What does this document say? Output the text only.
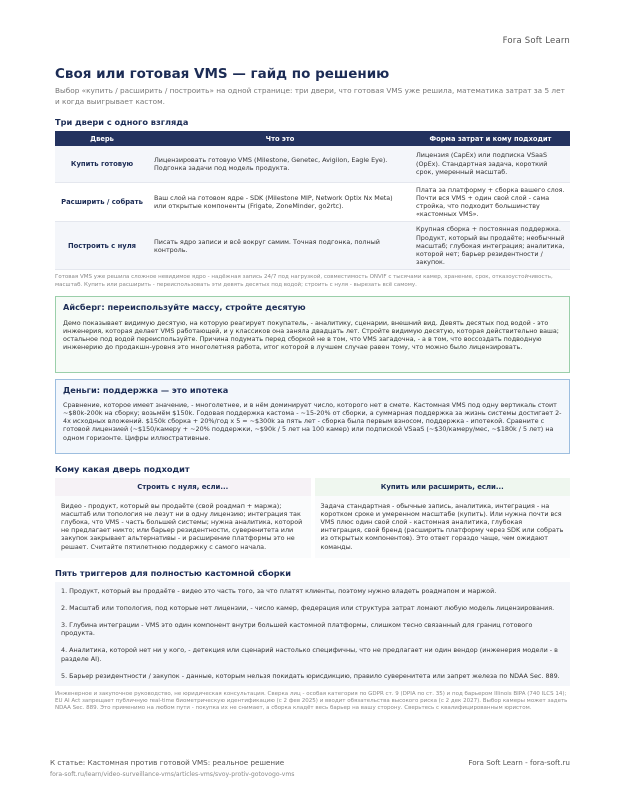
Fora Soft Learn
Своя или готовая VMS — гайд по решению
Выбор «купить / расширить / построить» на одной странице: три двери, что готовая VMS уже решила, математика затрат за 5 лет и когда выигрывает кастом.
Три двери с одного взгляда
Дверь	Что это	Форма затрат и кому подходит
Купить готовую	Лицензировать готовую VMS (Milestone, Genetec, Avigilon, Eagle Eye). Подгонка задачи под модель продукта.	Лицензия (CapEx) или подписка VSaaS (OpEx). Стандартная задача, короткий срок, умеренный масштаб.
Расширить / собрать	Ваш слой на готовом ядре - SDK (Milestone MIP, Network Optix Nx Meta) или открытые компоненты (Frigate, ZoneMinder, go2rtc).	Плата за платформу + сборка вашего слоя. Почти вся VMS + один свой слой - сама стройка, что подходит большинству «кастомных VMS».
Построить с нуля	Писать ядро записи и всё вокруг самим. Точная подгонка, полный контроль.	Крупная сборка + постоянная поддержка. Продукт, который вы продаёте; необычный масштаб; глубокая интеграция; аналитика, которой нет; барьер резидентности / закупок.
Готовая VMS уже решила сложное невидимое ядро - надёжная запись 24/7 под нагрузкой, совместимость ONVIF с тысячами камер, хранение, срок, отказоустойчивость, масштаб. Купить или расширить - переиспользовать эти девять десятых под водой; строить с нуля - вырезать всё самому.
Айсберг: переиспользуйте массу, стройте десятую

Демо показывает видимую десятую, на которую реагирует покупатель, - аналитику, сценарии, внешний вид. Девять десятых под водой - это инженерия, которая делает VMS работающей, и у классиков она заняла двадцать лет. Стройте видимую десятую, которая действительно ваша; остальное под водой переиспользуйте. Причина подумать перед сборкой не в том, что VMS загадочна, - а в том, что воссоздать подводную инженерию до продакшн-уровня это многолетняя работа, итог которой в лучшем случае равен тому, что можно было лицензировать.

Деньги: поддержка — это ипотека

Сравнение, которое имеет значение, - многолетнее, и в нём доминирует число, которого нет в смете. Кастомная VMS под одну вертикаль стоит ~$80k-200k на сборку; возьмём $150k. Годовая поддержка кастома - ~15-20% от сборки, а суммарная поддержка за жизнь системы достигает 2-4x исходных вложений. $150k сборка + 20%/год х 5 = ~$300k за пять лет - сборка была первым взносом, поддержка - ипотекой. Сравните с готовой лицензией (~$150/камеру + ~20% поддержки, ~$90k / 5 лет на 100 камер) или подпиской VSaaS (~$30/камеру/мес, ~$180k / 5 лет) на одном горизонте. Цифры иллюстративные.

Кому какая дверь подходит
Строить с нуля, если...
Видео - продукт, который вы продаёте (свой роадмап + маржа); масштаб или топология не лезут ни в одну лицензию; интеграция так глубока, что VMS - часть большей системы; нужна аналитика, которой не предлагает никто; или барьер резидентности, суверенитета или закупок закрывает альтернативы - и расширение платформы это не решает. Считайте пятилетнюю поддержку с самого начала.
Купить или расширить, если...
Задача стандартная - обычные запись, аналитика, интеграция - на коротком сроке и умеренном масштабе (купить). Или нужна почти вся VMS плюс один свой слой - кастомная аналитика, глубокая интеграция, свой бренд (расширить платформу через SDK или собрать из открытых компонентов). Это ответ гораздо чаще, чем ожидают команды.
Пять триггеров для полностью кастомной сборки
1. Продукт, который вы продаёте - видео это часть того, за что платят клиенты, поэтому нужно владеть роадмапом и маржой.
2. Масштаб или топология, под которые нет лицензии, - число камер, федерация или структура затрат ломают любую модель лицензирования.
3. Глубина интеграции - VMS это один компонент внутри большей кастомной платформы, слишком тесно связанный для границ готового продукта.
4. Аналитика, которой нет ни у кого, - детекция или сценарий настолько специфичны, что не предлагает ни один вендор (инженерия модели - в разделе AI).
5. Барьер резидентности / закупок - данные, которым нельзя покидать юрисдикцию, правило суверенитета или запрет железа по NDAA Sec. 889.
Инженерное и закупочное руководство, не юридическая консультация. Сверка лиц - особая категория по GDPR ст. 9 (DPIA по ст. 35) и под барьером Illinois BIPA (740 ILCS 14); EU AI Act запрещает публичную real-time биометрическую идентификацию (с 2 фев 2025) и вводит обязательства высокого риска (с 2 дек 2027). Выбор камеры может задеть NDAA Sec. 889. Это применимо на любом пути - покупка их не снимает, а сборка кладёт весь барьер на вашу сторону. Сверьтесь с квалифицированным юристом.
К статье: Кастомная против готовой VMS: реальное решение	Fora Soft Learn - fora-soft.ru
fora-soft.ru/learn/video-surveillance-vms/articles-vms/svoy-protiv-gotovogo-vms
